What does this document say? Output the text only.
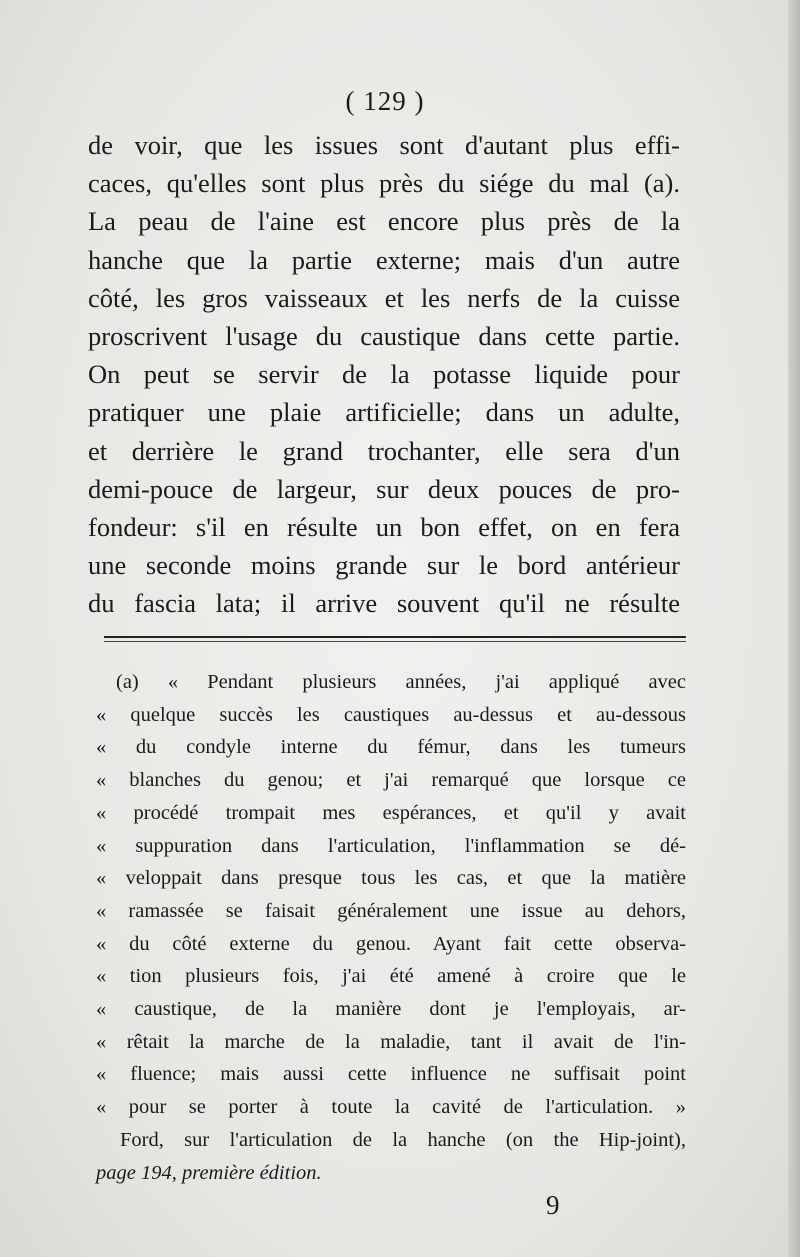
( 129 )
de voir, que les issues sont d'autant plus effi-
caces, qu'elles sont plus près du siége du mal (a).
La peau de l'aine est encore plus près de la
hanche que la partie externe; mais d'un autre
côté, les gros vaisseaux et les nerfs de la cuisse
proscrivent l'usage du caustique dans cette partie.
On peut se servir de la potasse liquide pour
pratiquer une plaie artificielle; dans un adulte,
et derrière le grand trochanter, elle sera d'un
demi-pouce de largeur, sur deux pouces de pro-
fondeur: s'il en résulte un bon effet, on en fera
une seconde moins grande sur le bord antérieur
du fascia lata; il arrive souvent qu'il ne résulte
(a) « Pendant plusieurs années, j'ai appliqué avec
« quelque succès les caustiques au-dessus et au-dessous
« du condyle interne du fémur, dans les tumeurs
« blanches du genou; et j'ai remarqué que lorsque ce
« procédé trompait mes espérances, et qu'il y avait
« suppuration dans l'articulation, l'inflammation se dé-
« veloppait dans presque tous les cas, et que la matière
« ramassée se faisait généralement une issue au dehors,
« du côté externe du genou. Ayant fait cette observa-
« tion plusieurs fois, j'ai été amené à croire que le
« caustique, de la manière dont je l'employais, ar-
« rêtait la marche de la maladie, tant il avait de l'in-
« fluence; mais aussi cette influence ne suffisait point
« pour se porter à toute la cavité de l'articulation. »
Ford, sur l'articulation de la hanche (on the Hip-joint),
page 194, première édition.
9
